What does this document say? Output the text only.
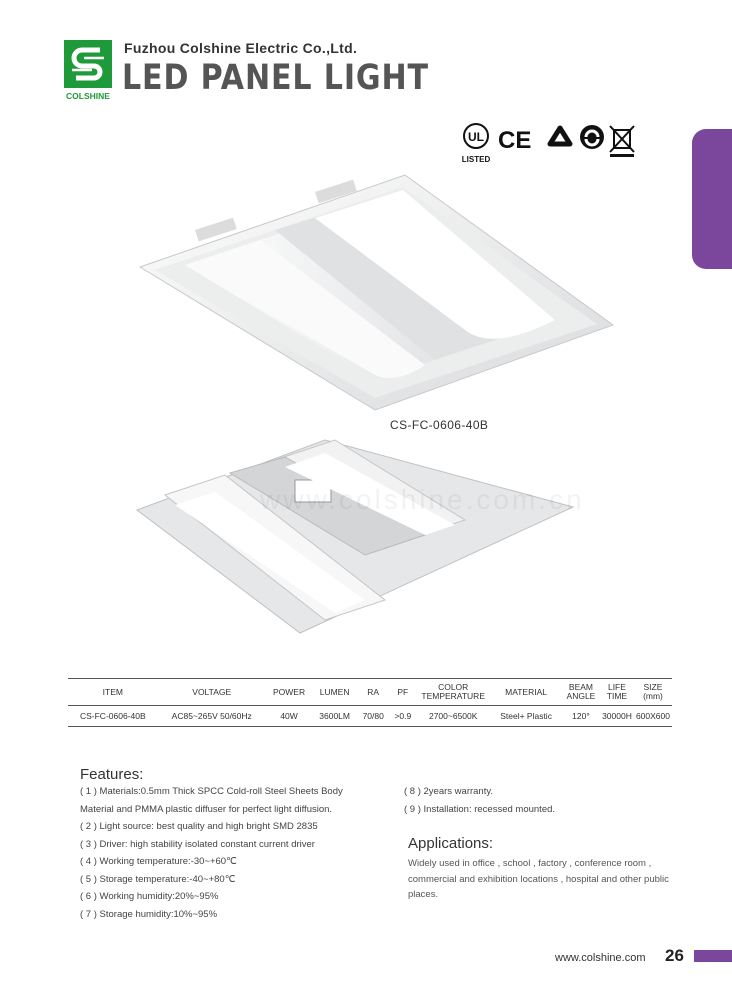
COLSHINE
Fuzhou Colshine Electric Co.,Ltd.
LED PANEL LIGHT
UL
LISTED
CE
CS-FC-0606-40B
www.colshine.com.cn
ITEM	VOLTAGE	POWER	LUMEN	RA	PF	COLOR TEMPERATURE	MATERIAL	BEAM ANGLE	LIFE TIME	SIZE (mm)
CS-FC-0606-40B	AC85~265V 50/60Hz	40W	3600LM	70/80	>0.9	2700~6500K	Steel+ Plastic	120°	30000H	600X600
Features:
( 1 ) Materials:0.5mm Thick SPCC Cold-roll Steel Sheets Body
Material and PMMA plastic diffuser for perfect light diffusion.
( 2 ) Light source: best quality and high bright SMD 2835
( 3 ) Driver: high stability isolated constant current driver
( 4 ) Working temperature:-30~+60℃
( 5 ) Storage temperature:-40~+80℃
( 6 ) Working humidity:20%~95%
( 7 ) Storage humidity:10%~95%
( 8 ) 2years warranty.
( 9 ) Installation: recessed mounted.
Applications:
Widely used in office , school , factory , conference room , commercial and exhibition locations , hospital and other public places.
www.colshine.com 26
